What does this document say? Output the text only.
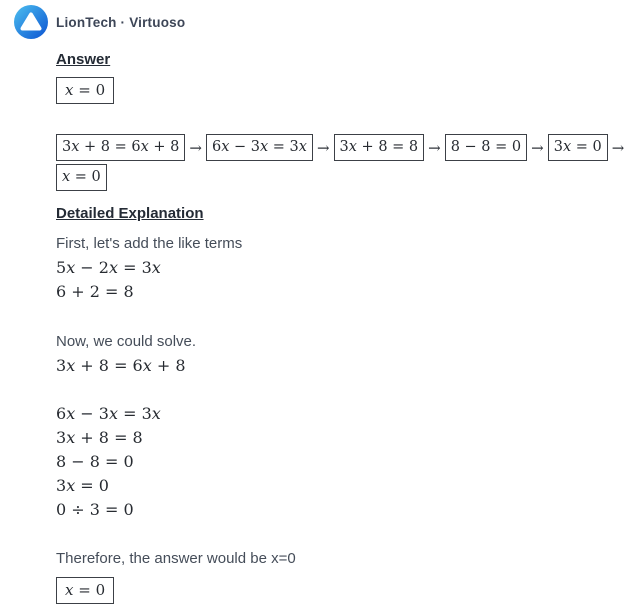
LionTech · Virtuoso
Answer
x = 0
3x + 8 = 6x + 8 → 6x − 3x = 3x → 3x + 8 = 8 → 8 − 8 = 0 → 3x = 0 →
x = 0
Detailed Explanation
First, let's add the like terms
5x − 2x = 3x
6 + 2 = 8
Now, we could solve.
3x + 8 = 6x + 8
6x − 3x = 3x
3x + 8 = 8
8 − 8 = 0
3x = 0
0 ÷ 3 = 0
Therefore, the answer would be x=0
x = 0
